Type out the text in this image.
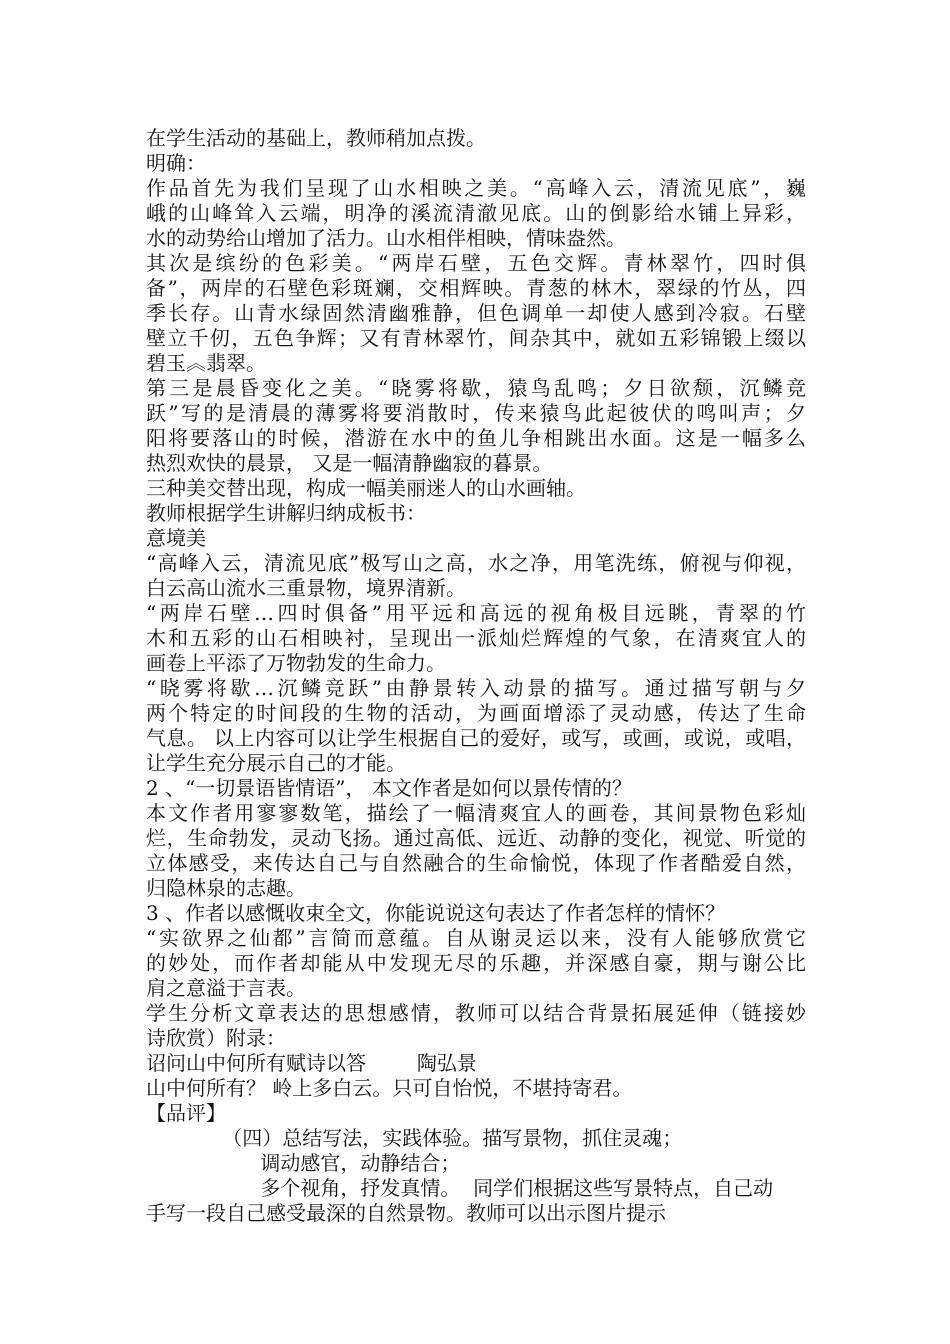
在学生活动的基础上，教师稍加点拨。
明确：
作品首先为我们呈现了山水相映之美。“高峰入云，清流见底”，巍
峨的山峰耸入云端，明净的溪流清澈见底。山的倒影给水铺上异彩，
水的动势给山增加了活力。山水相伴相映，情味盎然。
其次是缤纷的色彩美。“两岸石壁，五色交辉。青林翠竹，四时俱
备”，两岸的石壁色彩斑斓，交相辉映。青葱的林木，翠绿的竹丛，四
季长存。山青水绿固然清幽雅静，但色调单一却使人感到冷寂。石壁
壁立千仞，五色争辉；又有青林翠竹，间杂其中，就如五彩锦锻上缀以
碧玉︽翡翠。
第三是晨昏变化之美。“晓雾将歇，猿鸟乱鸣；夕日欲颓，沉鳞竞
跃”写的是清晨的薄雾将要消散时，传来猿鸟此起彼伏的鸣叫声；夕
阳将要落山的时候，潜游在水中的鱼儿争相跳出水面。这是一幅多么
热烈欢快的晨景， 又是一幅清静幽寂的暮景。
三种美交替出现，构成一幅美丽迷人的山水画轴。
教师根据学生讲解归纳成板书：
意境美
“高峰入云，清流见底”极写山之高，水之净，用笔洗练，俯视与仰视，
白云高山流水三重景物，境界清新。
“两岸石壁…四时俱备”用平远和高远的视角极目远眺，青翠的竹
木和五彩的山石相映衬，呈现出一派灿烂辉煌的气象，在清爽宜人的
画卷上平添了万物勃发的生命力。
“晓雾将歇…沉鳞竞跃”由静景转入动景的描写。通过描写朝与夕
两个特定的时间段的生物的活动，为画面增添了灵动感，传达了生命
气息。 以上内容可以让学生根据自己的爱好，或写，或画，或说，或唱，
让学生充分展示自己的才能。
2 、“一切景语皆情语”， 本文作者是如何以景传情的？
本文作者用寥寥数笔，描绘了一幅清爽宜人的画卷，其间景物色彩灿
烂，生命勃发，灵动飞扬。通过高低、远近、动静的变化，视觉、听觉的
立体感受，来传达自己与自然融合的生命愉悦，体现了作者酷爱自然，
归隐林泉的志趣。
3 、作者以感慨收束全文，你能说说这句表达了作者怎样的情怀？
“实欲界之仙都”言简而意蕴。自从谢灵运以来，没有人能够欣赏它
的妙处，而作者却能从中发现无尽的乐趣，并深感自豪，期与谢公比
肩之意溢于言表。
学生分析文章表达的思想感情，教师可以结合背景拓展延伸（链接妙
诗欣赏）附录：
诏问山中何所有赋诗以答        陶弘景
山中何所有？ 岭上多白云。只可自怡悦，不堪持寄君。
【品评】
（四）总结写法，实践体验。描写景物，抓住灵魂；
调动感官，动静结合；
多个视角，抒发真情。  同学们根据这些写景特点，自己动
手写一段自己感受最深的自然景物。教师可以出示图片提示
